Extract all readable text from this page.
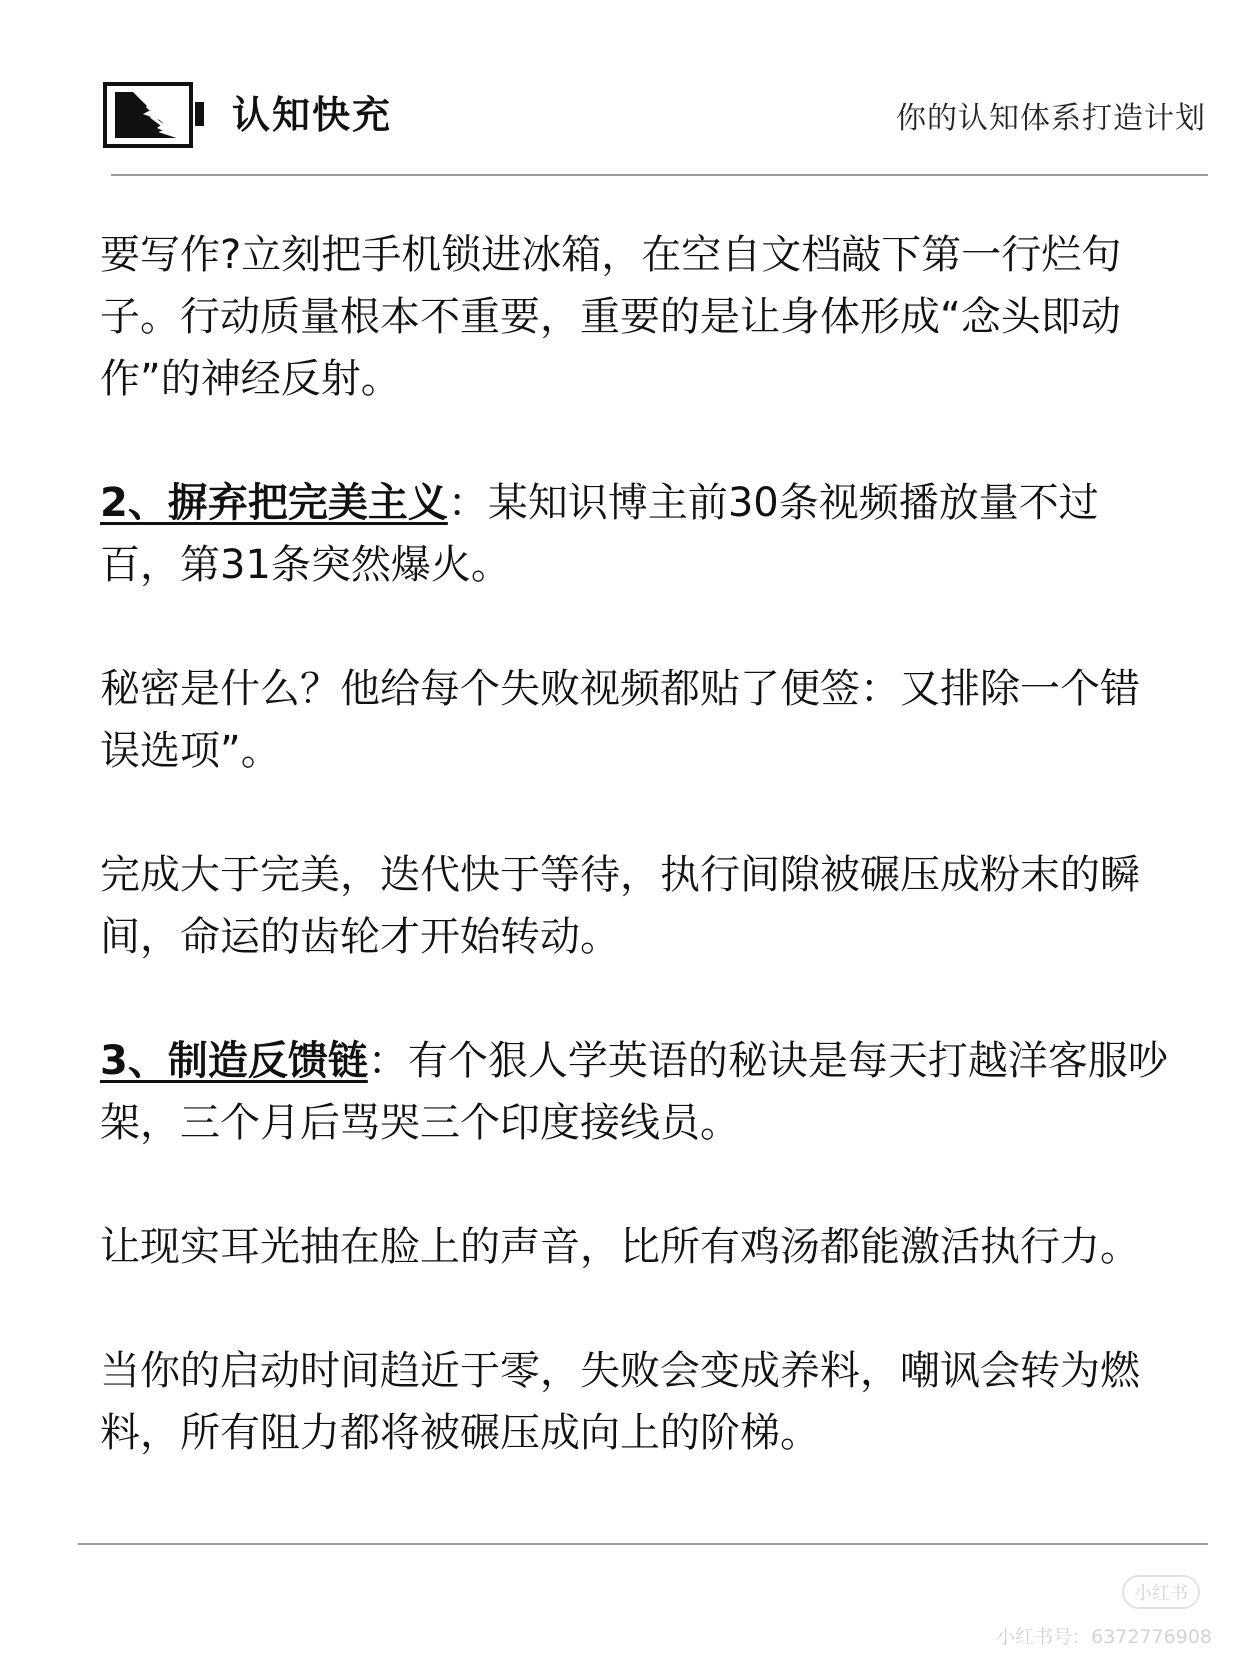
认知快充	你的认知体系打造计划

要写作?立刻把手机锁进冰箱，在空自文档敲下第一行烂句子。行动质量根本不重要，重要的是让身体形成“念头即动作”的神经反射。

2、摒弃把完美主义：某知识博主前30条视频播放量不过百，第31条突然爆火。

秘密是什么？他给每个失败视频都贴了便签：又排除一个错误选项”。

完成大于完美，迭代快于等待，执行间隙被碾压成粉末的瞬间，命运的齿轮才开始转动。

3、制造反馈链：有个狠人学英语的秘诀是每天打越洋客服吵架，三个月后骂哭三个印度接线员。

让现实耳光抽在脸上的声音，比所有鸡汤都能激活执行力。

当你的启动时间趋近于零，失败会变成养料，嘲讽会转为燃料，所有阻力都将被碾压成向上的阶梯。

小红书
小红书号：6372776908
